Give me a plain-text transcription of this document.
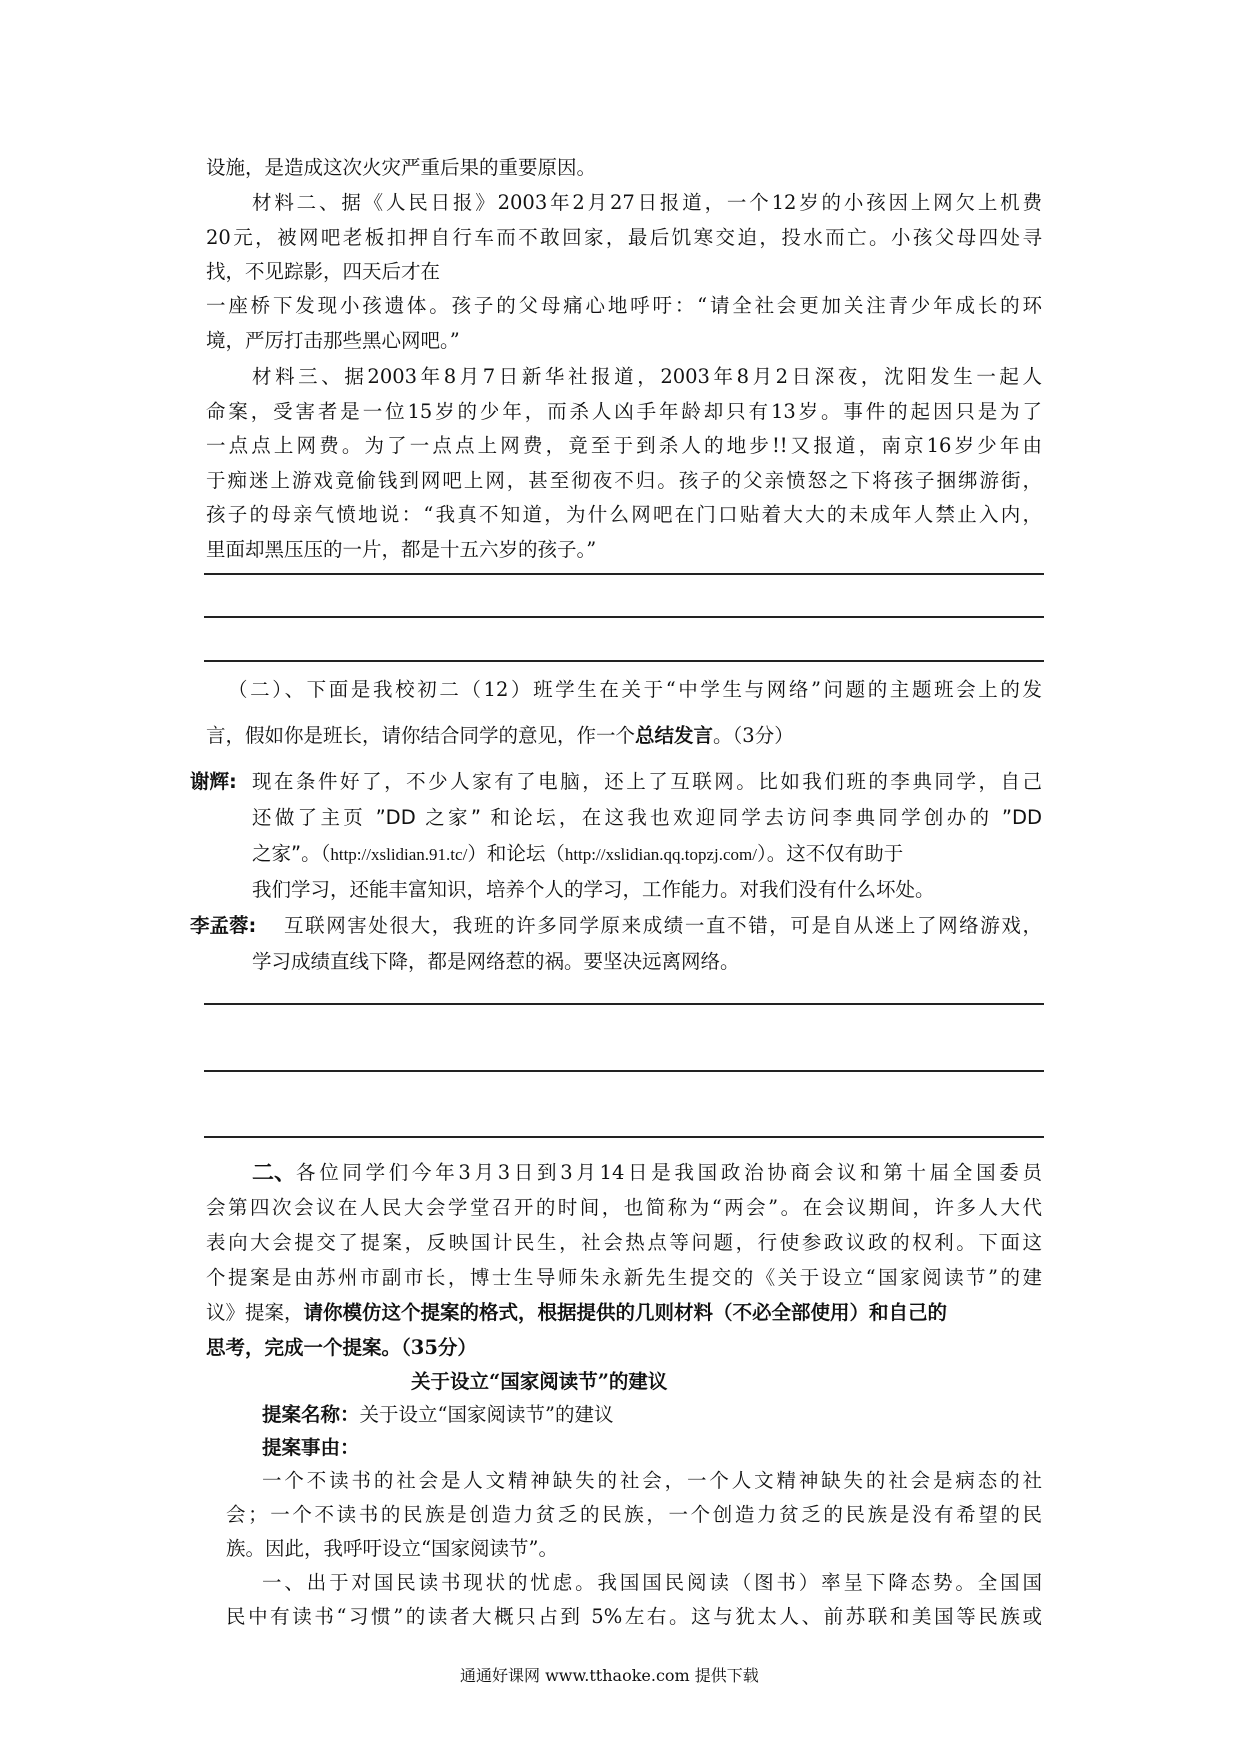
设施，是造成这次火灾严重后果的重要原因。
材料二、据《人民日报》2003年2月27日报道，一个12岁的小孩因上网欠上机费
20元，被网吧老板扣押自行车而不敢回家，最后饥寒交迫，投水而亡。小孩父母四处寻
找，不见踪影，四天后才在
一座桥下发现小孩遗体。孩子的父母痛心地呼吁：“请全社会更加关注青少年成长的环
境，严厉打击那些黑心网吧。”
材料三、据2003年8月7日新华社报道，2003年8月2日深夜，沈阳发生一起人
命案，受害者是一位15岁的少年，而杀人凶手年龄却只有13岁。事件的起因只是为了
一点点上网费。为了一点点上网费，竟至于到杀人的地步!!又报道，南京16岁少年由
于痴迷上游戏竟偷钱到网吧上网，甚至彻夜不归。孩子的父亲愤怒之下将孩子捆绑游街，
孩子的母亲气愤地说：“我真不知道，为什么网吧在门口贴着大大的未成年人禁止入内，
里面却黑压压的一片，都是十五六岁的孩子。”
（二）、下面是我校初二（12）班学生在关于“中学生与网络”问题的主题班会上的发
言，假如你是班长，请你结合同学的意见，作一个总结发言。（3分）
谢辉: 现在条件好了，不少人家有了电脑，还上了互联网。比如我们班的李典同学，自己
还做了主页 ”DD 之家” 和论坛，在这我也欢迎同学去访问李典同学创办的 ”DD
之家”。（http://xslidian.91.tc/）和论坛（http://xslidian.qq.topzj.com/）。这不仅有助于
我们学习，还能丰富知识，培养个人的学习，工作能力。对我们没有什么坏处。
李孟蓉: 互联网害处很大，我班的许多同学原来成绩一直不错，可是自从迷上了网络游戏，
学习成绩直线下降，都是网络惹的祸。要坚决远离网络。
二、 各位同学们今年3月3日到3月14日是我国政治协商会议和第十届全国委员
会第四次会议在人民大会学堂召开的时间，也简称为“两会”。在会议期间，许多人大代
表向大会提交了提案，反映国计民生，社会热点等问题，行使参政议政的权利。下面这
个提案是由苏州市副市长，博士生导师朱永新先生提交的《关于设立“国家阅读节”的建
议》提案，请你模仿这个提案的格式，根据提供的几则材料（不必全部使用）和自己的
思考，完成一个提案。（35分）
关于设立“国家阅读节”的建议
提案名称：关于设立“国家阅读节”的建议
提案事由：
一个不读书的社会是人文精神缺失的社会，一个人文精神缺失的社会是病态的社
会；一个不读书的民族是创造力贫乏的民族，一个创造力贫乏的民族是没有希望的民
族。因此，我呼吁设立“国家阅读节”。
一、出于对国民读书现状的忧虑。我国国民阅读（图书）率呈下降态势。全国国
民中有读书“习惯”的读者大概只占到 5%左右。这与犹太人、前苏联和美国等民族或
通通好课网 www.tthaoke.com 提供下载
